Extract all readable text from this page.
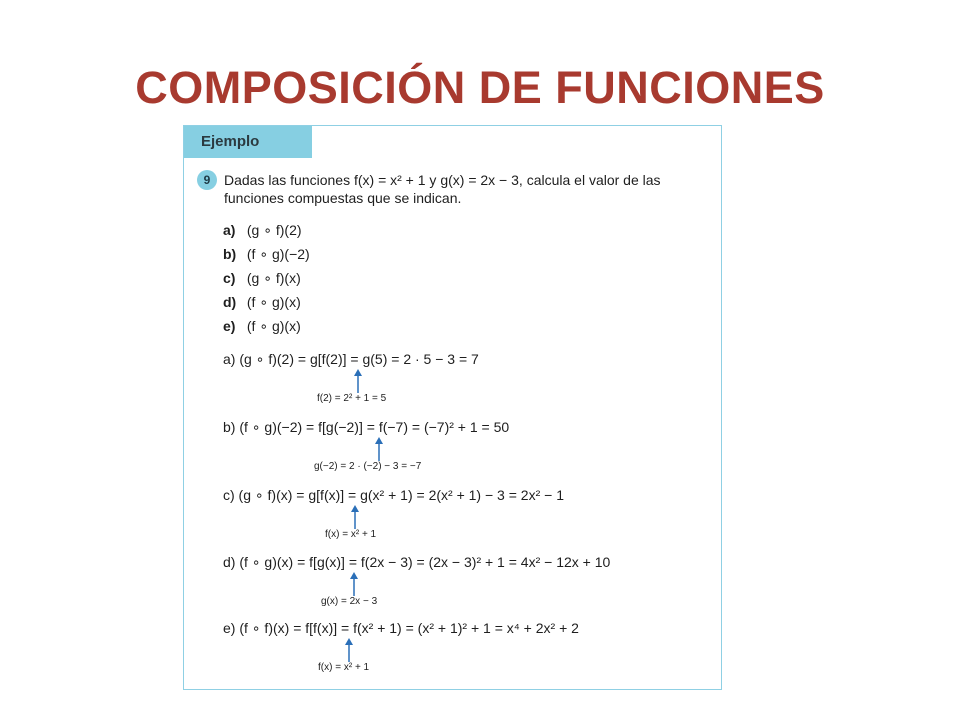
COMPOSICIÓN DE FUNCIONES
Ejemplo
9 Dadas las funciones f(x) = x² + 1 y g(x) = 2x − 3, calcula el valor de las funciones compuestas que se indican.
a) (g ∘ f)(2)
b) (f ∘ g)(−2)
c) (g ∘ f)(x)
d) (f ∘ g)(x)
e) (f ∘ g)(x)
a) (g ∘ f)(2) = g[f(2)] = g(5) = 2 · 5 − 3 = 7
f(2) = 2² + 1 = 5
b) (f ∘ g)(−2) = f[g(−2)] = f(−7) = (−7)² + 1 = 50
g(−2) = 2 · (−2) − 3 = −7
c) (g ∘ f)(x) = g[f(x)] = g(x² + 1) = 2(x² + 1) − 3 = 2x² − 1
f(x) = x² + 1
d) (f ∘ g)(x) = f[g(x)] = f(2x − 3) = (2x − 3)² + 1 = 4x² − 12x + 10
g(x) = 2x − 3
e) (f ∘ f)(x) = f[f(x)] = f(x² + 1) = (x² + 1)² + 1 = x⁴ + 2x² + 2
f(x) = x² + 1
